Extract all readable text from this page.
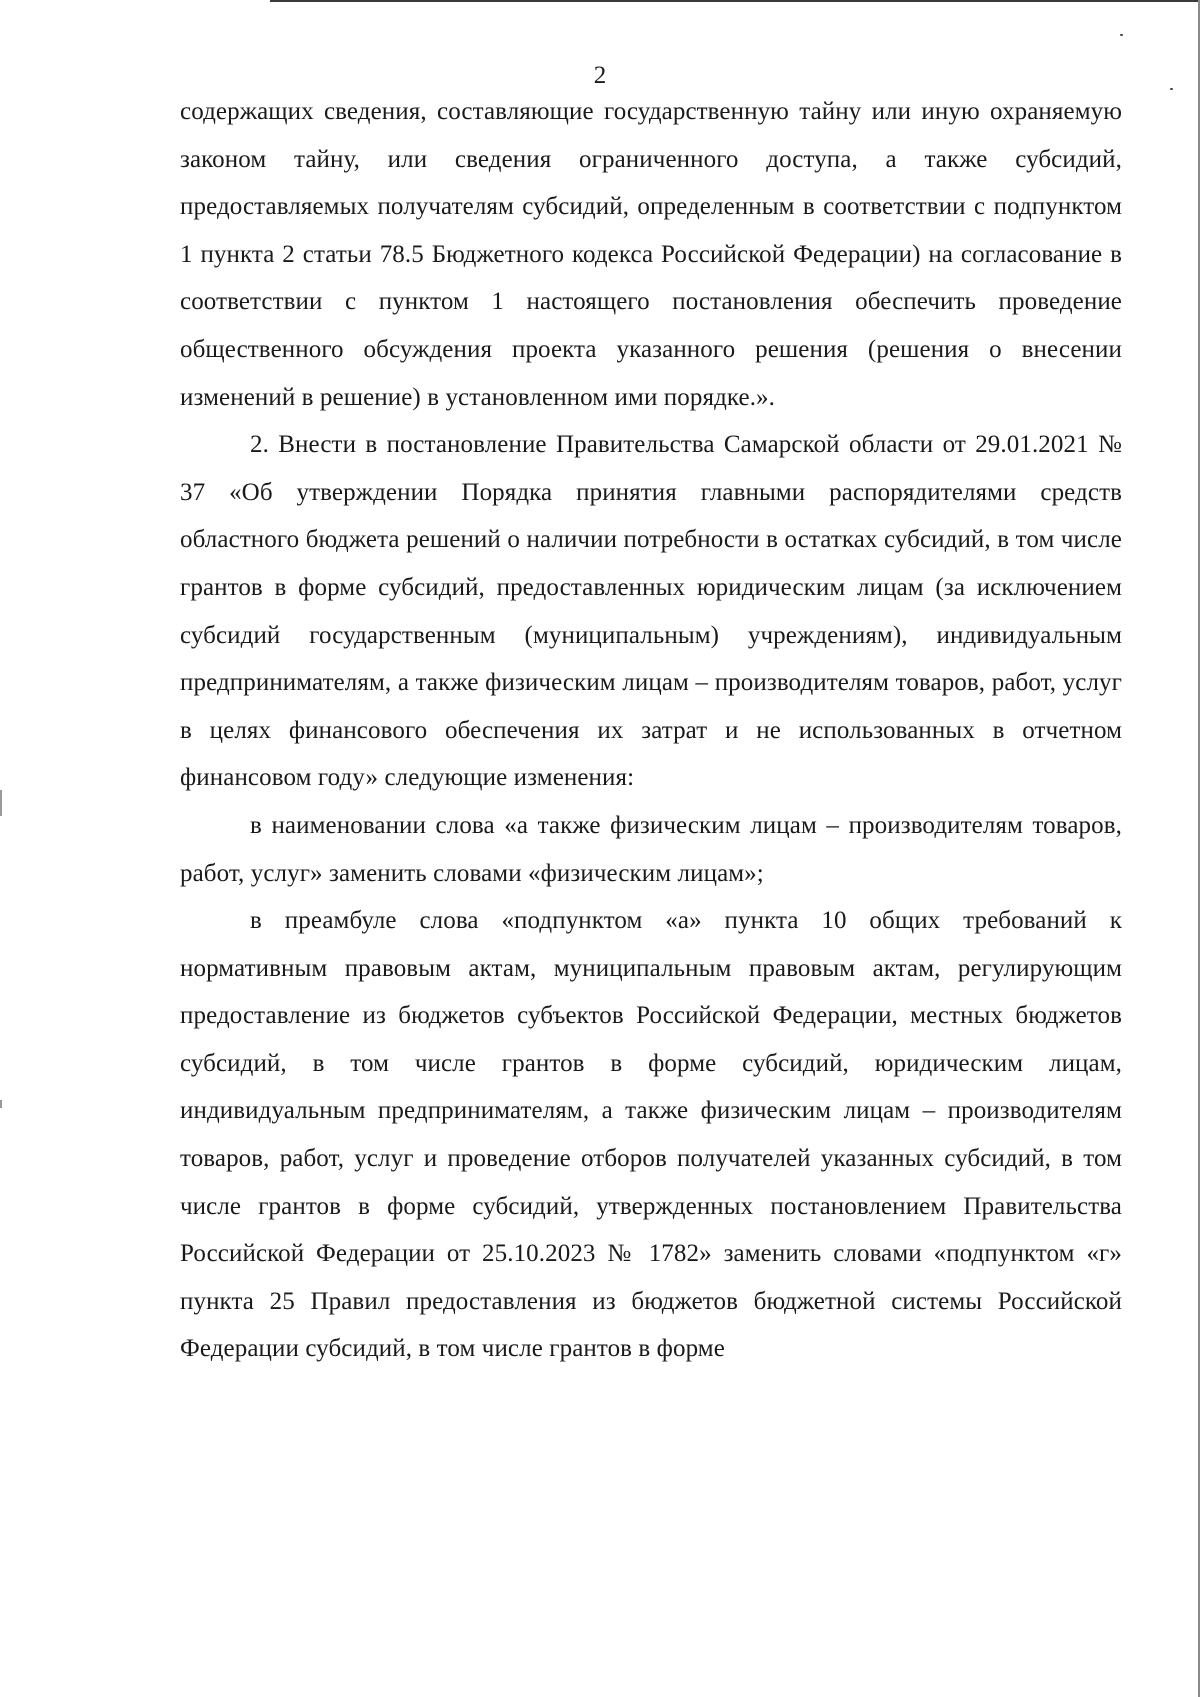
2

содержащих сведения, составляющие государственную тайну или иную охраняемую законом тайну, или сведения ограниченного доступа, а также субсидий, предоставляемых получателям субсидий, определенным в соответствии с подпунктом 1 пункта 2 статьи 78.5 Бюджетного кодекса Российской Федерации) на согласование в соответствии с пунктом 1 настоящего постановления обеспечить проведение общественного обсуждения проекта указанного решения (решения о внесении изменений в решение) в установленном ими порядке.».

2. Внести в постановление Правительства Самарской области от 29.01.2021 № 37 «Об утверждении Порядка принятия главными распорядителями средств областного бюджета решений о наличии потребности в остатках субсидий, в том числе грантов в форме субсидий, предоставленных юридическим лицам (за исключением субсидий государственным (муниципальным) учреждениям), индивидуальным предпринимателям, а также физическим лицам – производителям товаров, работ, услуг в целях финансового обеспечения их затрат и не использованных в отчетном финансовом году» следующие изменения:

в наименовании слова «а также физическим лицам – производителям товаров, работ, услуг» заменить словами «физическим лицам»;

в преамбуле слова «подпунктом «а» пункта 10 общих требований к нормативным правовым актам, муниципальным правовым актам, регулирующим предоставление из бюджетов субъектов Российской Федерации, местных бюджетов субсидий, в том числе грантов в форме субсидий, юридическим лицам, индивидуальным предпринимателям, а также физическим лицам – производителям товаров, работ, услуг и проведение отборов получателей указанных субсидий, в том числе грантов в форме субсидий, утвержденных постановлением Правительства Российской Федерации от 25.10.2023 № 1782» заменить словами «подпунктом «г» пункта 25 Правил предоставления из бюджетов бюджетной системы Российской Федерации субсидий, в том числе грантов в форме
